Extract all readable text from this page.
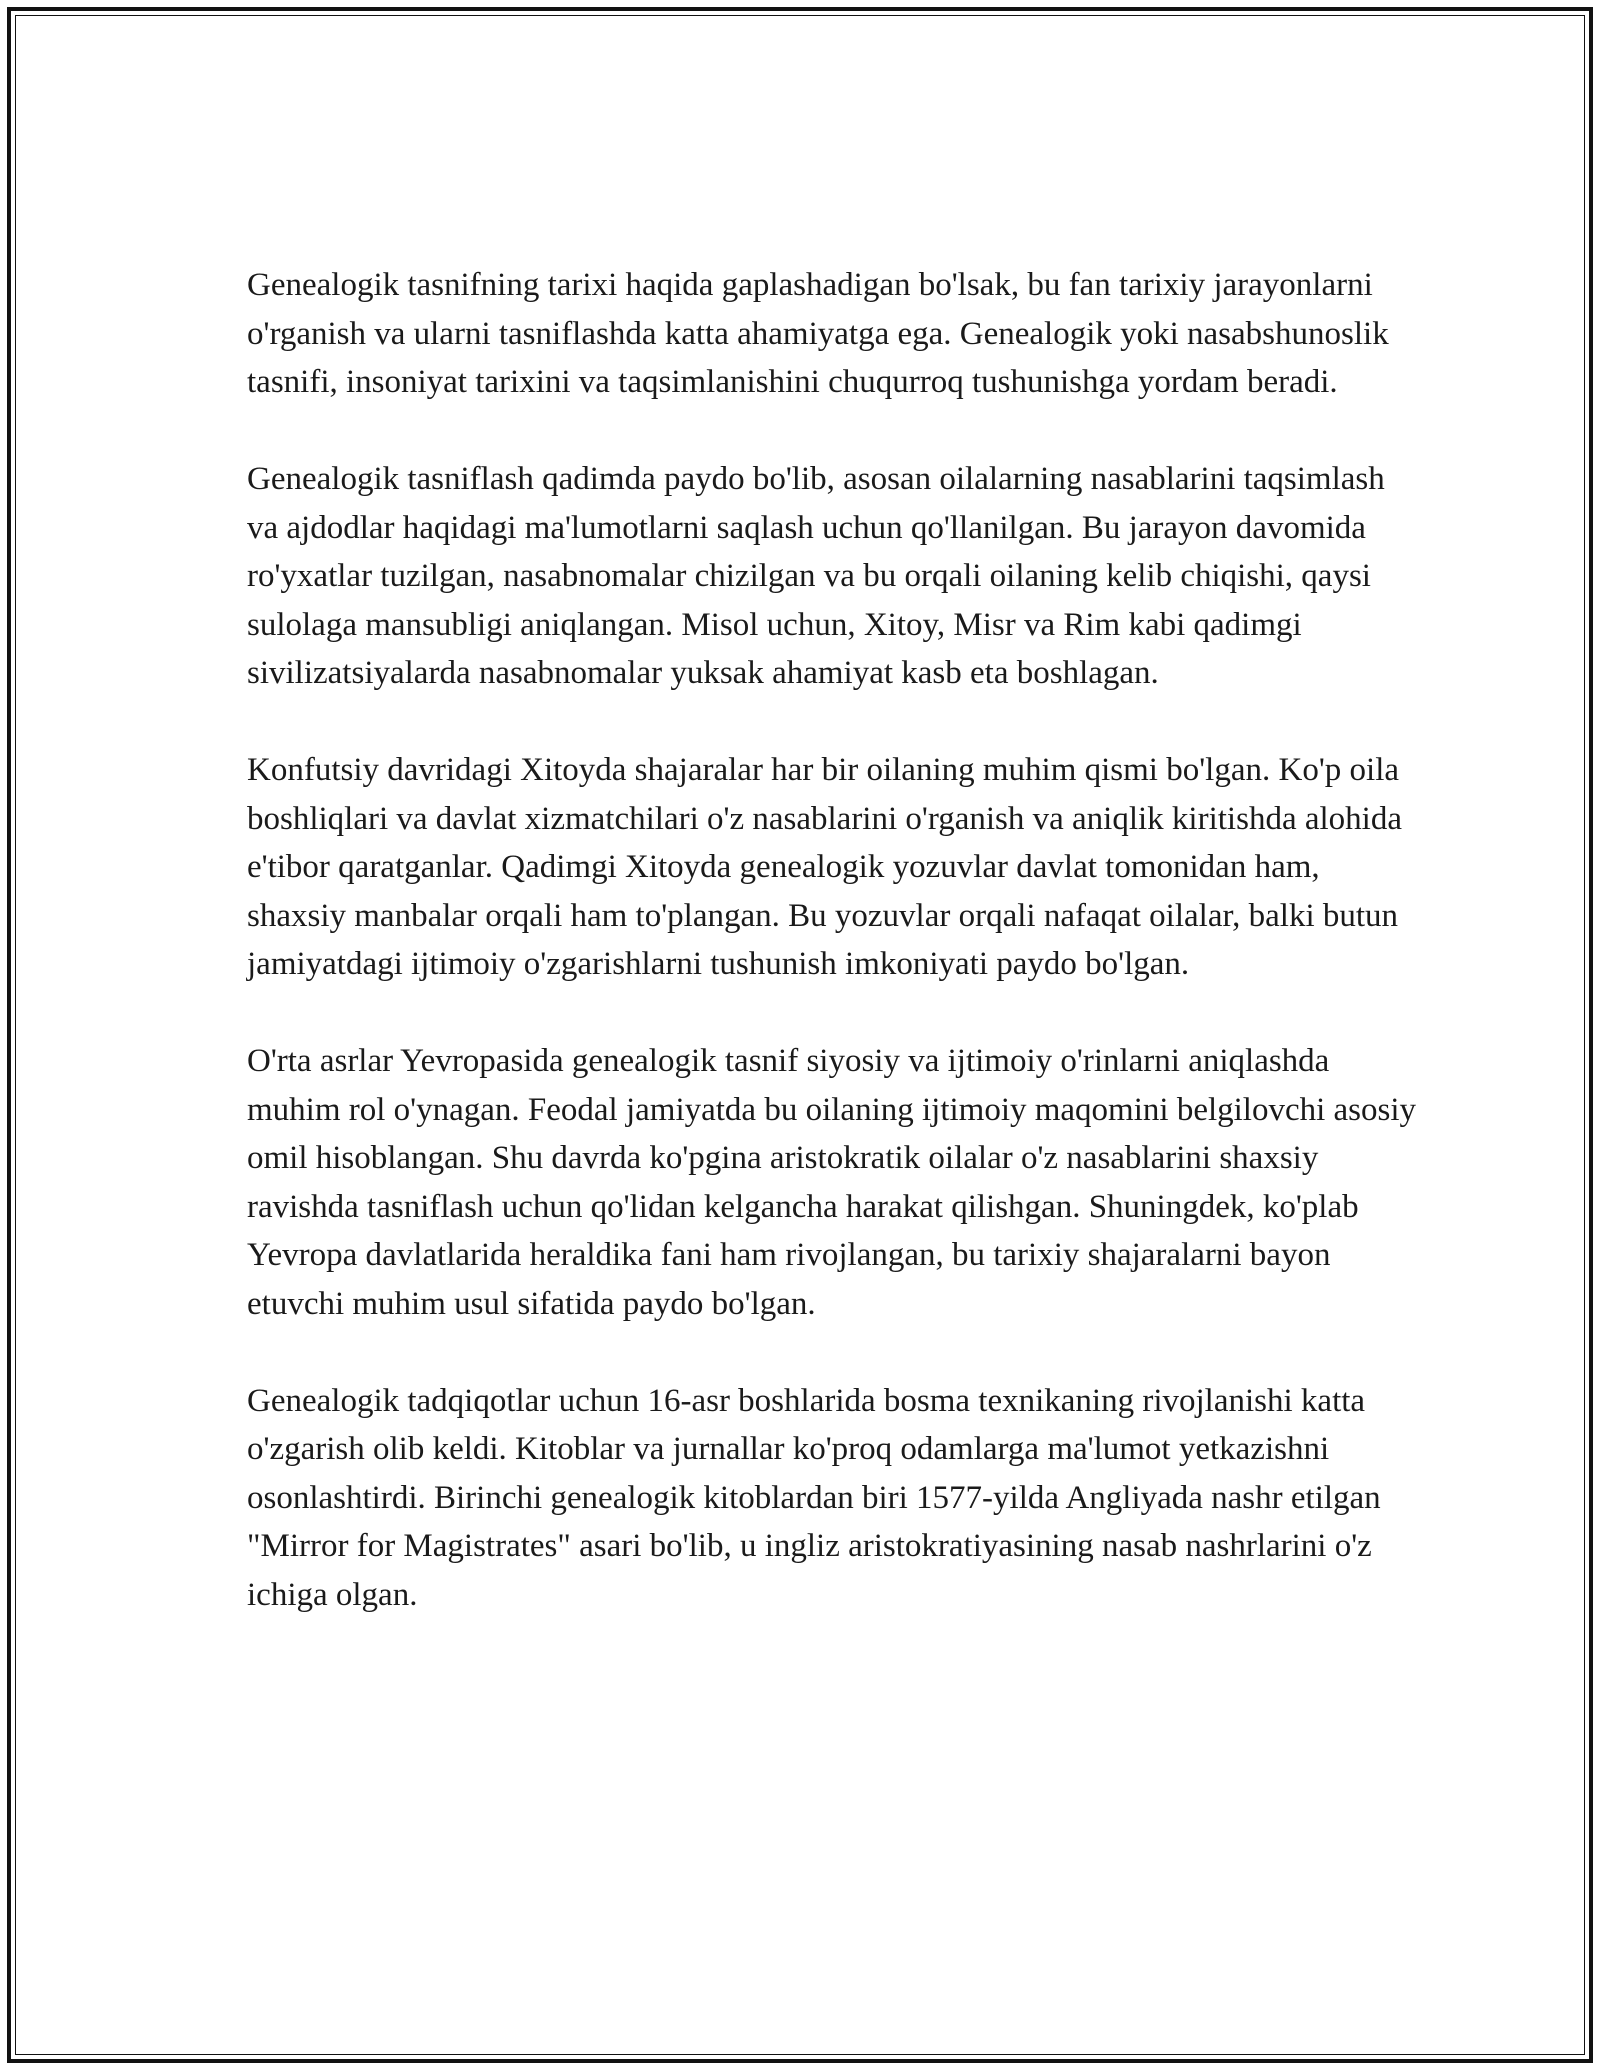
Genealogik tasnifning tarixi haqida gaplashadigan bo'lsak, bu fan tarixiy jarayonlarni o'rganish va ularni tasniflashda katta ahamiyatga ega. Genealogik yoki nasabshunoslik tasnifi, insoniyat tarixini va taqsimlanishini chuqurroq tushunishga yordam beradi.

Genealogik tasniflash qadimda paydo bo'lib, asosan oilalarning nasablarini taqsimlash va ajdodlar haqidagi ma'lumotlarni saqlash uchun qo'llanilgan. Bu jarayon davomida ro'yxatlar tuzilgan, nasabnomalar chizilgan va bu orqali oilaning kelib chiqishi, qaysi sulolaga mansubligi aniqlangan. Misol uchun, Xitoy, Misr va Rim kabi qadimgi sivilizatsiyalarda nasabnomalar yuksak ahamiyat kasb eta boshlagan.

Konfutsiy davridagi Xitoyda shajaralar har bir oilaning muhim qismi bo'lgan. Ko'p oila boshliqlari va davlat xizmatchilari o'z nasablarini o'rganish va aniqlik kiritishda alohida e'tibor qaratganlar. Qadimgi Xitoyda genealogik yozuvlar davlat tomonidan ham, shaxsiy manbalar orqali ham to'plangan. Bu yozuvlar orqali nafaqat oilalar, balki butun jamiyatdagi ijtimoiy o'zgarishlarni tushunish imkoniyati paydo bo'lgan.

O'rta asrlar Yevropasida genealogik tasnif siyosiy va ijtimoiy o'rinlarni aniqlashda muhim rol o'ynagan. Feodal jamiyatda bu oilaning ijtimoiy maqomini belgilovchi asosiy omil hisoblangan. Shu davrda ko'pgina aristokratik oilalar o'z nasablarini shaxsiy ravishda tasniflash uchun qo'lidan kelgancha harakat qilishgan. Shuningdek, ko'plab Yevropa davlatlarida heraldika fani ham rivojlangan, bu tarixiy shajaralarni bayon etuvchi muhim usul sifatida paydo bo'lgan.

Genealogik tadqiqotlar uchun 16-asr boshlarida bosma texnikaning rivojlanishi katta o'zgarish olib keldi. Kitoblar va jurnallar ko'proq odamlarga ma'lumot yetkazishni osonlashtirdi. Birinchi genealogik kitoblardan biri 1577-yilda Angliyada nashr etilgan "Mirror for Magistrates" asari bo'lib, u ingliz aristokratiyasining nasab nashrlarini o'z ichiga olgan.
